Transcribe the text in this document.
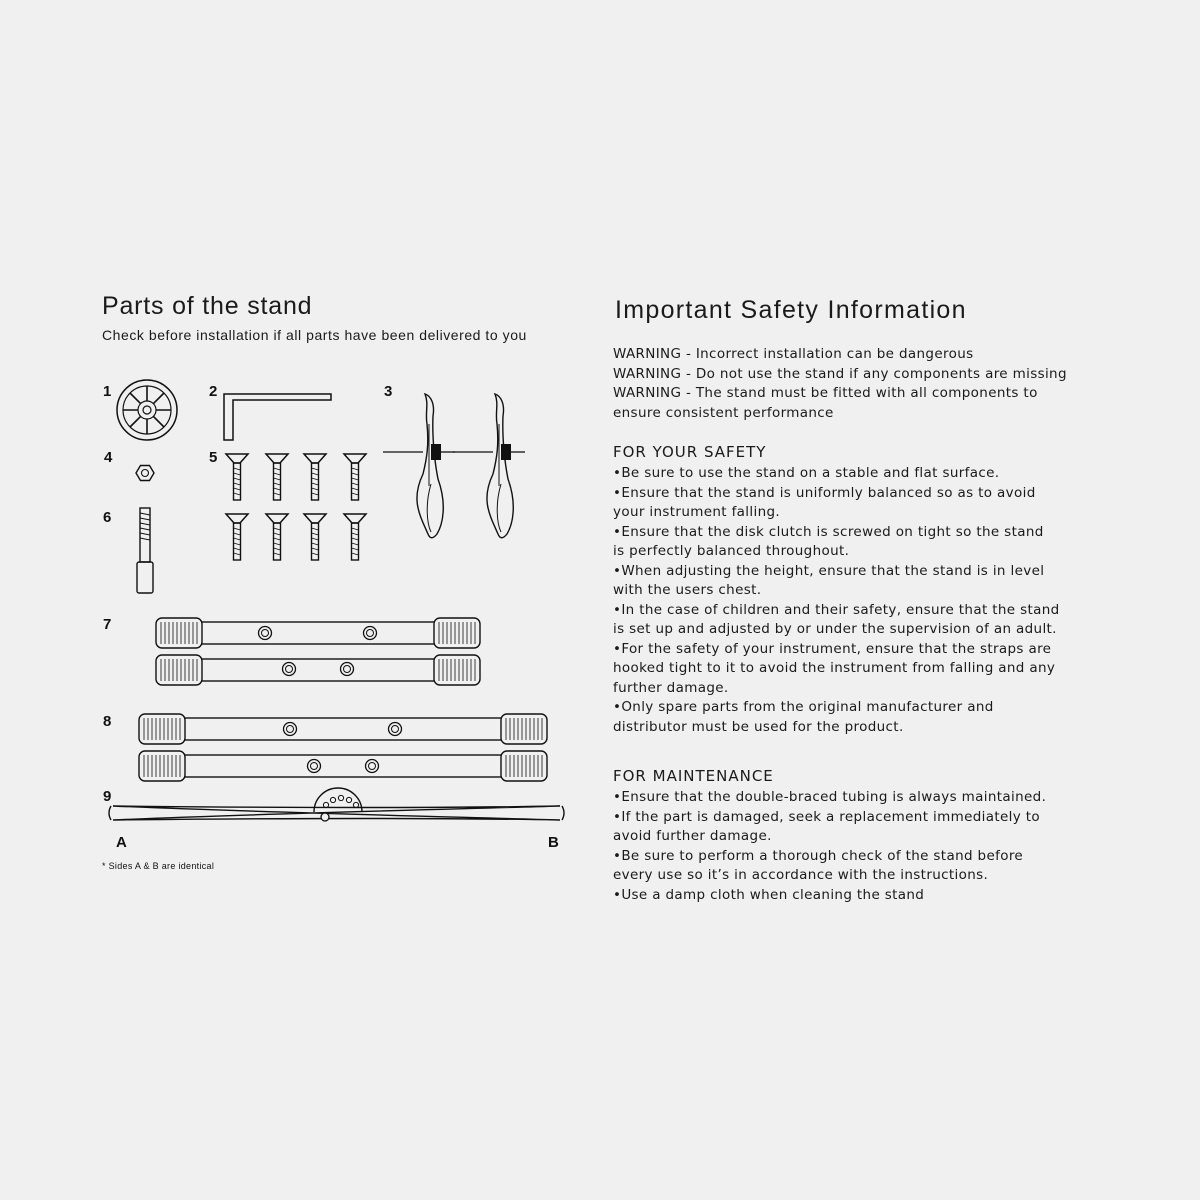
Parts of the stand

Check before installation if all parts have been delivered to you

1	2	3
4	5
6
7
8
9
A	B
* Sides A & B are identical
Important Safety Information
WARNING - Incorrect installation can be dangerous
WARNING - Do not use the stand if any components are missing
WARNING - The stand must be fitted with all components to
ensure consistent performance
FOR YOUR SAFETY
•Be sure to use the stand on a stable and flat surface.
•Ensure that the stand is uniformly balanced so as to avoid
your instrument falling.
•Ensure that the disk clutch is screwed on tight so the stand
is perfectly balanced throughout.
•When adjusting the height, ensure that the stand is in level
with the users chest.
•In the case of children and their safety, ensure that the stand
is set up and adjusted by or under the supervision of an adult.
•For the safety of your instrument, ensure that the straps are
hooked tight to it to avoid the instrument from falling and any
further damage.
•Only spare parts from the original manufacturer and
distributor must be used for the product.
FOR MAINTENANCE
•Ensure that the double-braced tubing is always maintained.
•If the part is damaged, seek a replacement immediately to
avoid further damage.
•Be sure to perform a thorough check of the stand before
every use so it’s in accordance with the instructions.
•Use a damp cloth when cleaning the stand
